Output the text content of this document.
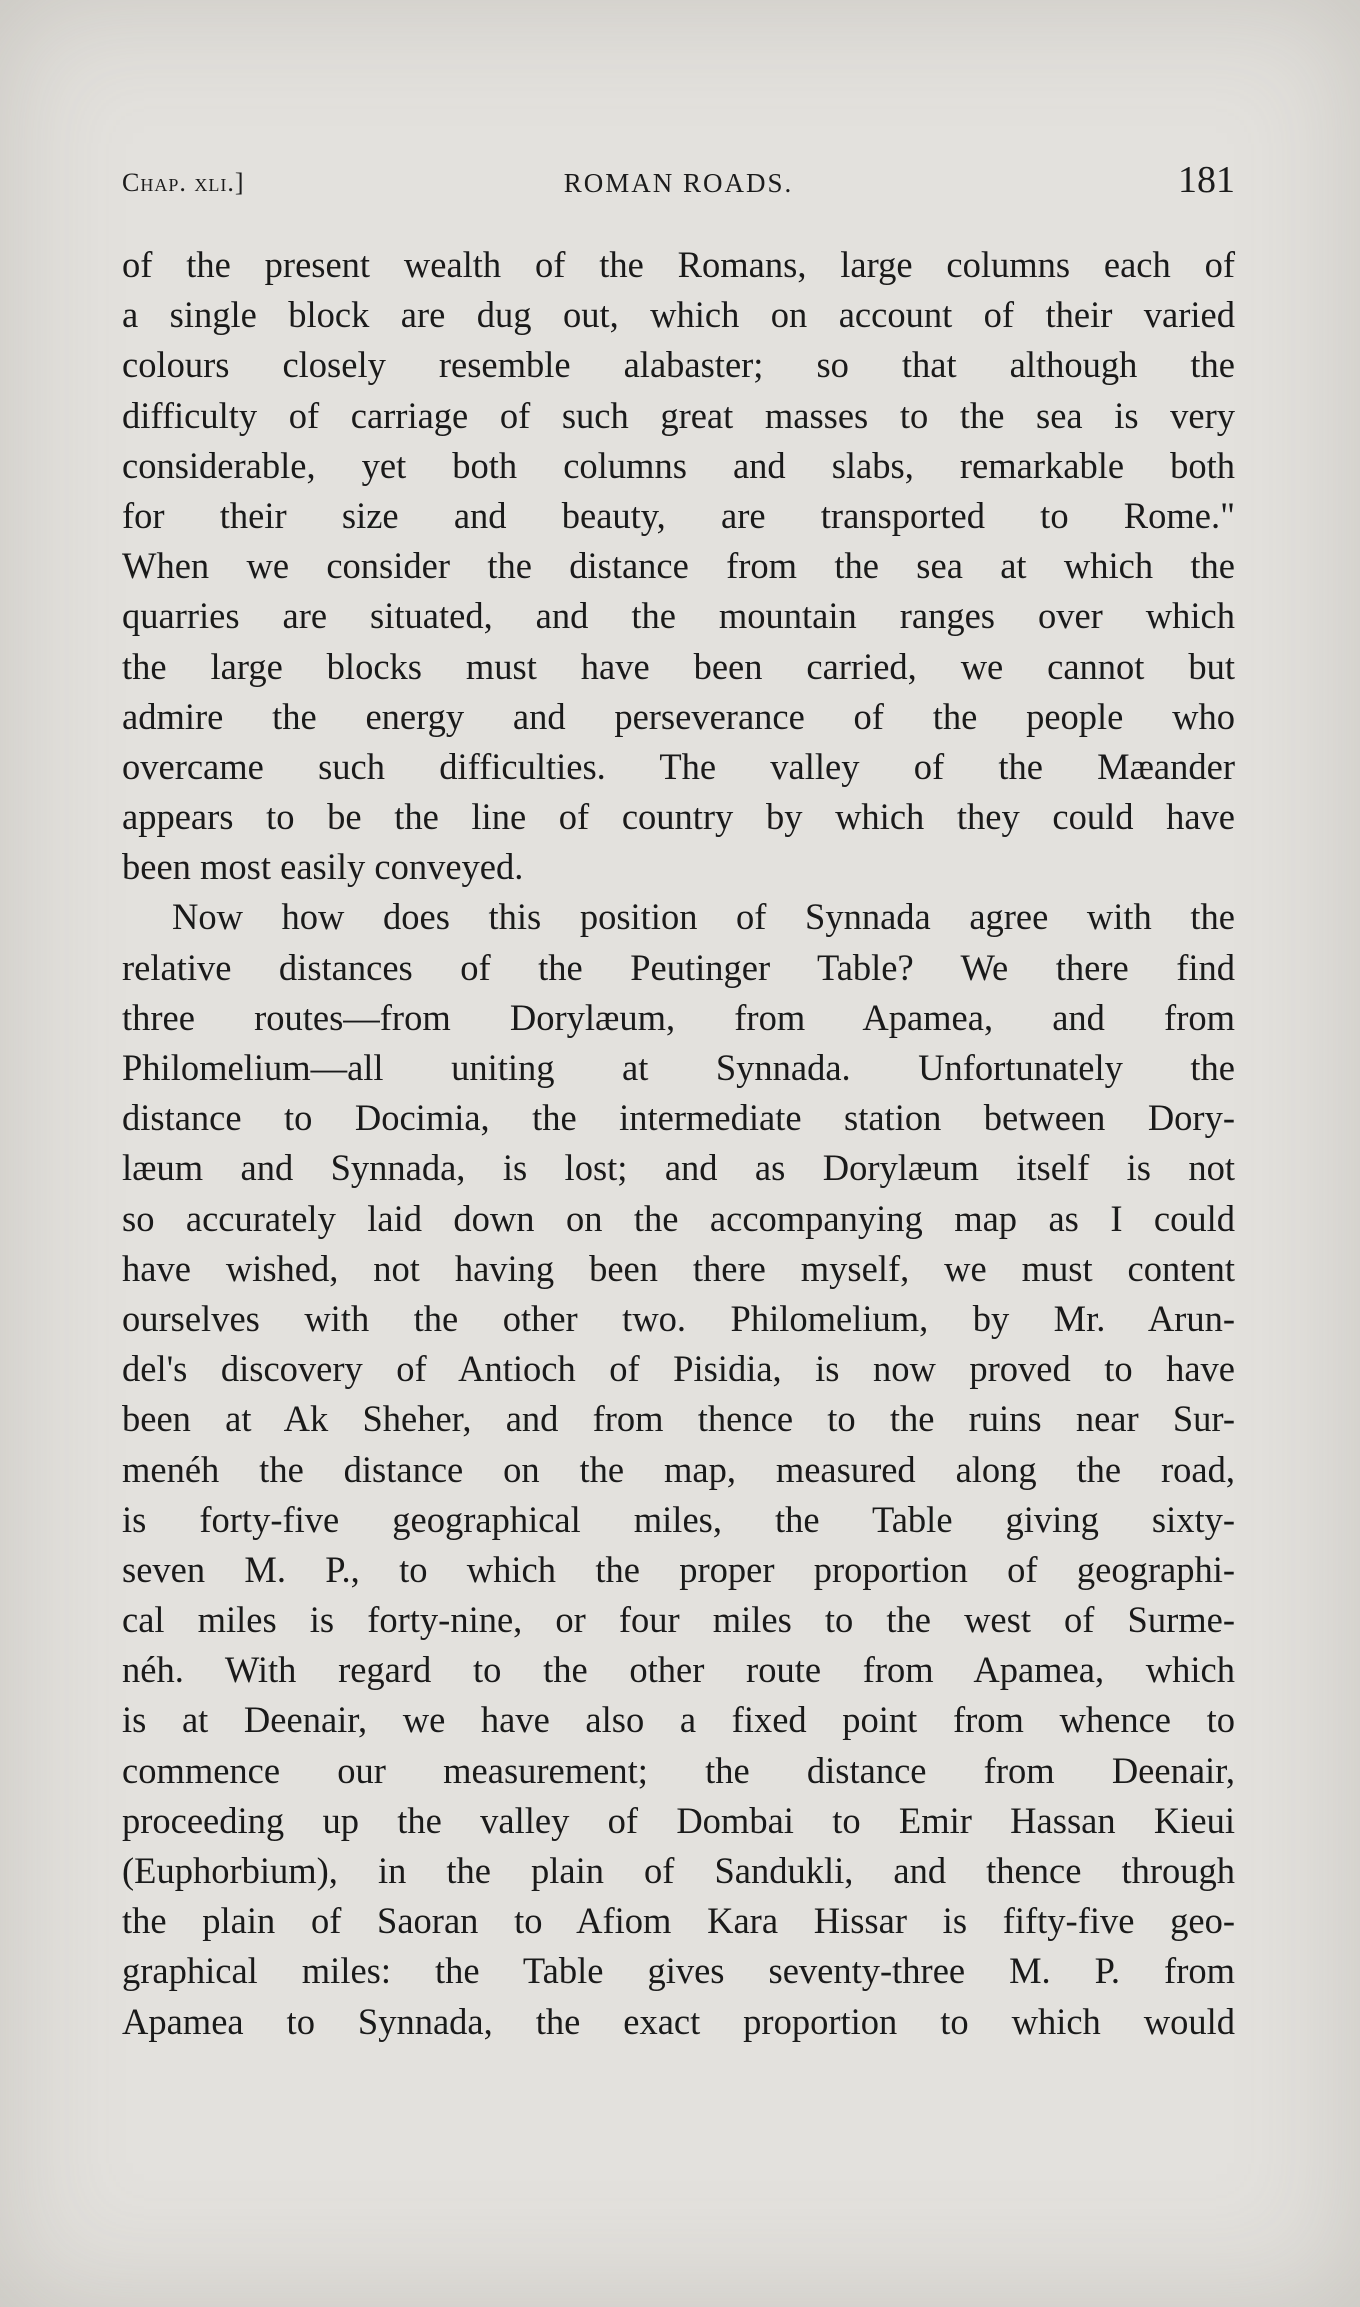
Chap. xli.]	ROMAN ROADS.	181
of the present wealth of the Romans, large columns each of
a single block are dug out, which on account of their varied
colours closely resemble alabaster; so that although the
difficulty of carriage of such great masses to the sea is very
considerable, yet both columns and slabs, remarkable both
for their size and beauty, are transported to Rome."
When we consider the distance from the sea at which the
quarries are situated, and the mountain ranges over which
the large blocks must have been carried, we cannot but
admire the energy and perseverance of the people who
overcame such difficulties. The valley of the Mæander
appears to be the line of country by which they could have
been most easily conveyed.
Now how does this position of Synnada agree with the
relative distances of the Peutinger Table? We there find
three routes—from Dorylæum, from Apamea, and from
Philomelium—all uniting at Synnada. Unfortunately the
distance to Docimia, the intermediate station between Dory-
læum and Synnada, is lost; and as Dorylæum itself is not
so accurately laid down on the accompanying map as I could
have wished, not having been there myself, we must content
ourselves with the other two. Philomelium, by Mr. Arun-
del's discovery of Antioch of Pisidia, is now proved to have
been at Ak Sheher, and from thence to the ruins near Sur-
menéh the distance on the map, measured along the road,
is forty-five geographical miles, the Table giving sixty-
seven M. P., to which the proper proportion of geographi-
cal miles is forty-nine, or four miles to the west of Surme-
néh. With regard to the other route from Apamea, which
is at Deenair, we have also a fixed point from whence to
commence our measurement; the distance from Deenair,
proceeding up the valley of Dombai to Emir Hassan Kieui
(Euphorbium), in the plain of Sandukli, and thence through
the plain of Saoran to Afiom Kara Hissar is fifty-five geo-
graphical miles: the Table gives seventy-three M. P. from
Apamea to Synnada, the exact proportion to which would
